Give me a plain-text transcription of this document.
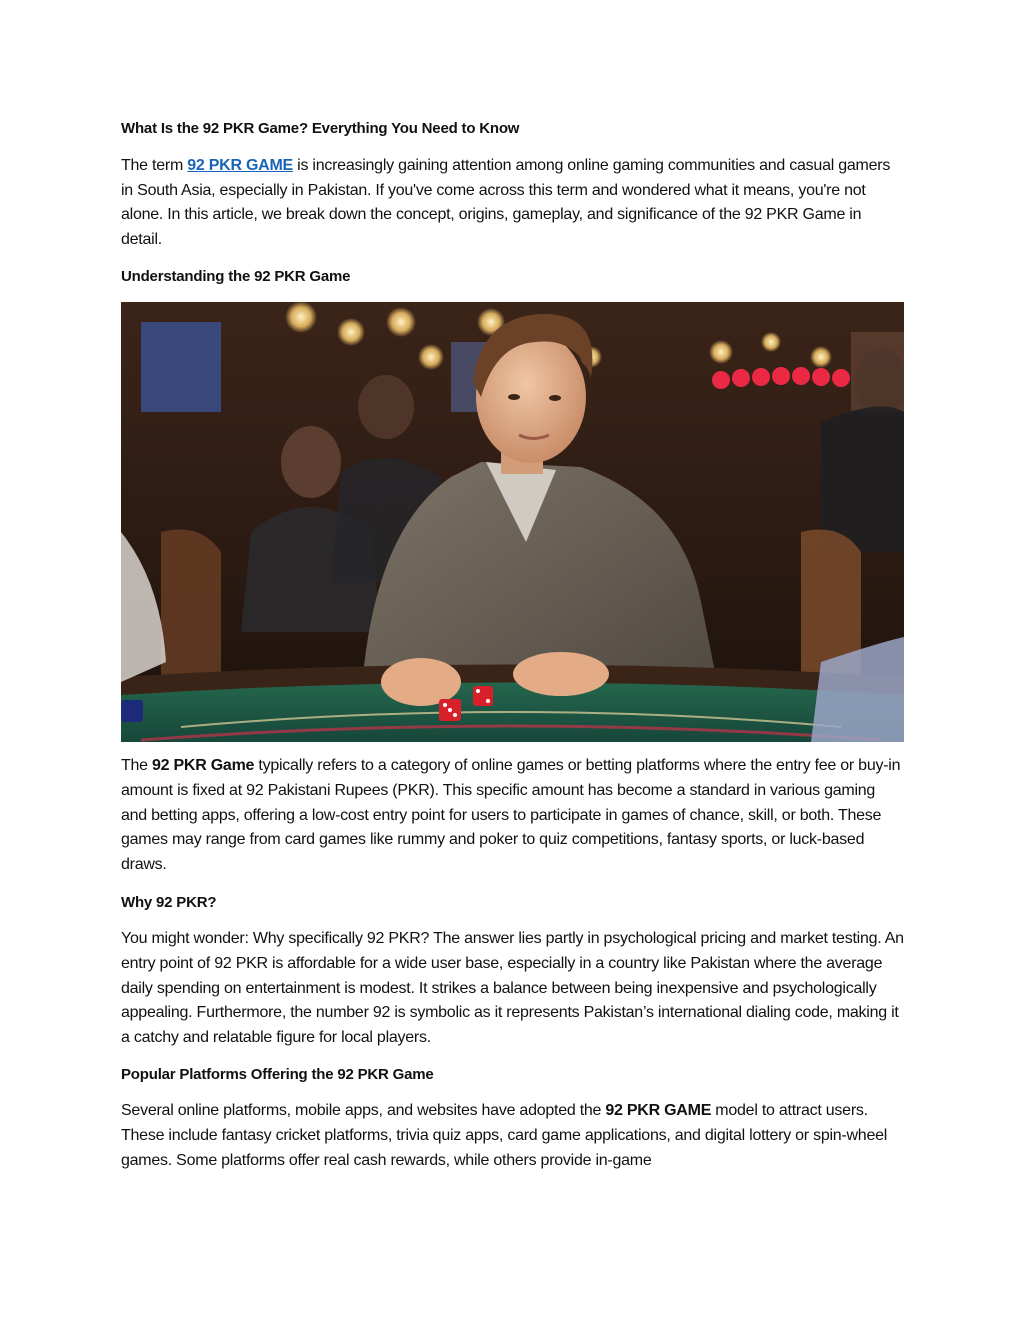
What Is the 92 PKR Game? Everything You Need to Know

The term 92 PKR GAME is increasingly gaining attention among online gaming communities and casual gamers in South Asia, especially in Pakistan. If you've come across this term and wondered what it means, you're not alone. In this article, we break down the concept, origins, gameplay, and significance of the 92 PKR Game in detail.

Understanding the 92 PKR Game

The 92 PKR Game typically refers to a category of online games or betting platforms where the entry fee or buy-in amount is fixed at 92 Pakistani Rupees (PKR). This specific amount has become a standard in various gaming and betting apps, offering a low-cost entry point for users to participate in games of chance, skill, or both. These games may range from card games like rummy and poker to quiz competitions, fantasy sports, or luck-based draws.

Why 92 PKR?

You might wonder: Why specifically 92 PKR? The answer lies partly in psychological pricing and market testing. An entry point of 92 PKR is affordable for a wide user base, especially in a country like Pakistan where the average daily spending on entertainment is modest. It strikes a balance between being inexpensive and psychologically appealing. Furthermore, the number 92 is symbolic as it represents Pakistan’s international dialing code, making it a catchy and relatable figure for local players.

Popular Platforms Offering the 92 PKR Game

Several online platforms, mobile apps, and websites have adopted the 92 PKR GAME model to attract users. These include fantasy cricket platforms, trivia quiz apps, card game applications, and digital lottery or spin-wheel games. Some platforms offer real cash rewards, while others provide in-game
